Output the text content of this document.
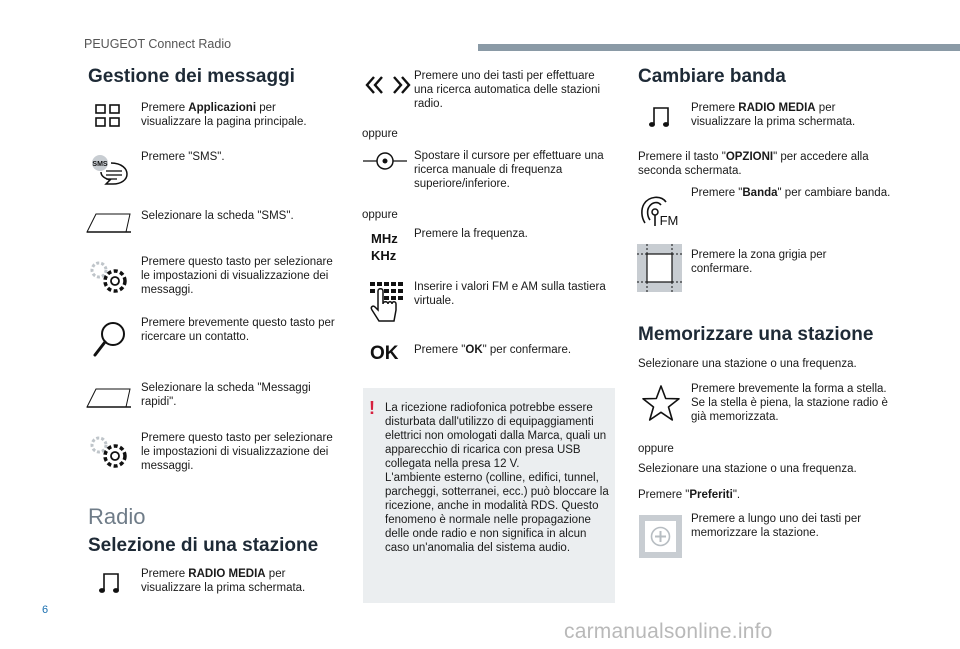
PEUGEOT Connect Radio
Gestione dei messaggi
Premere Applicazioni per visualizzare la pagina principale.
SMS
Premere "SMS".
Selezionare la scheda "SMS".
Premere questo tasto per selezionare le impostazioni di visualizzazione dei messaggi.
Premere brevemente questo tasto per ricercare un contatto.
Selezionare la scheda "Messaggi rapidi".
Premere questo tasto per selezionare le impostazioni di visualizzazione dei messaggi.
Radio
Selezione di una stazione
Premere RADIO MEDIA per visualizzare la prima schermata.
Premere uno dei tasti per effettuare una ricerca automatica delle stazioni radio.
oppure
Spostare il cursore per effettuare una ricerca manuale di frequenza superiore/inferiore.
oppure
MHz
KHz
Premere la frequenza.
Inserire i valori FM e AM sulla tastiera virtuale.
OK Premere "OK" per confermare.
! La ricezione radiofonica potrebbe essere disturbata dall'utilizzo di equipaggiamenti elettrici non omologati dalla Marca, quali un apparecchio di ricarica con presa USB collegata nella presa 12 V.
L'ambiente esterno (colline, edifici, tunnel, parcheggi, sotterranei, ecc.) può bloccare la ricezione, anche in modalità RDS. Questo fenomeno è normale nelle propagazione delle onde radio e non significa in alcun caso un'anomalia del sistema audio.
Cambiare banda
Premere RADIO MEDIA per visualizzare la prima schermata.
Premere il tasto "OPZIONI" per accedere alla seconda schermata.
FM
Premere "Banda" per cambiare banda.
Premere la zona grigia per confermare.
Memorizzare una stazione
Selezionare una stazione o una frequenza.
Premere brevemente la forma a stella. Se la stella è piena, la stazione radio è già memorizzata.
oppure
Selezionare una stazione o una frequenza.
Premere "Preferiti".
Premere a lungo uno dei tasti per memorizzare la stazione.
6
carmanualsonline.info
